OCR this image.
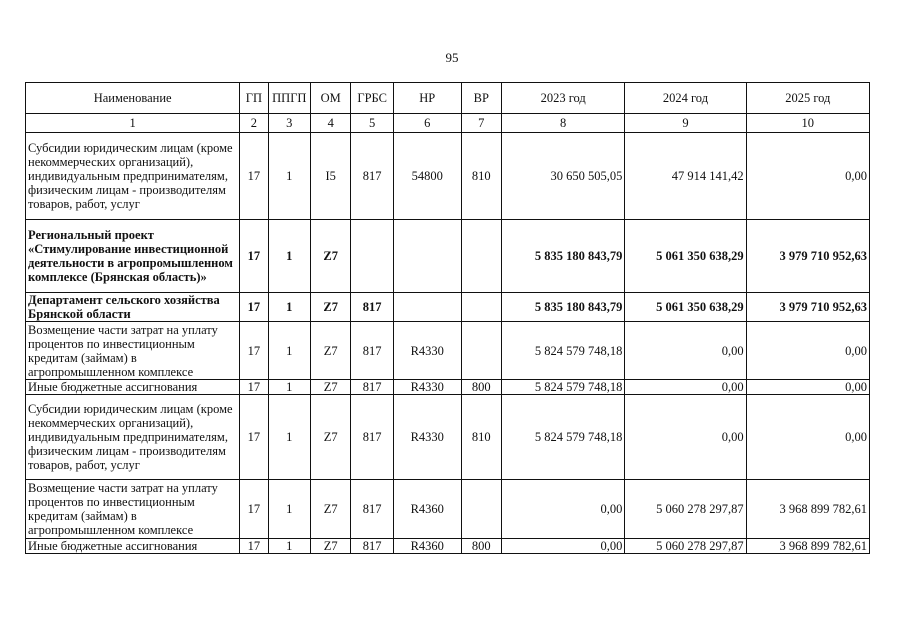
95
Наименование	ГП	ППГП	ОМ	ГРБС	НР	ВР	2023 год	2024 год	2025 год
1	2	3	4	5	6	7	8	9	10
Субсидии юридическим лицам (кроме некоммерческих организаций), индивидуальным предпринимателям, физическим лицам - производителям товаров, работ, услуг	17	1	I5	817	54800	810	30 650 505,05	47 914 141,42	0,00
Региональный проект «Стимулирование инвестиционной деятельности в агропромышленном комплексе (Брянская область)»	17	1	Z7				5 835 180 843,79	5 061 350 638,29	3 979 710 952,63
Департамент сельского хозяйства Брянской области	17	1	Z7	817			5 835 180 843,79	5 061 350 638,29	3 979 710 952,63
Возмещение части затрат на уплату процентов по инвестиционным кредитам (займам) в агропромышленном комплексе	17	1	Z7	817	R4330		5 824 579 748,18	0,00	0,00
Иные бюджетные ассигнования	17	1	Z7	817	R4330	800	5 824 579 748,18	0,00	0,00
Субсидии юридическим лицам (кроме некоммерческих организаций), индивидуальным предпринимателям, физическим лицам - производителям товаров, работ, услуг	17	1	Z7	817	R4330	810	5 824 579 748,18	0,00	0,00
Возмещение части затрат на уплату процентов по инвестиционным кредитам (займам) в агропромышленном комплексе	17	1	Z7	817	R4360		0,00	5 060 278 297,87	3 968 899 782,61
Иные бюджетные ассигнования	17	1	Z7	817	R4360	800	0,00	5 060 278 297,87	3 968 899 782,61
